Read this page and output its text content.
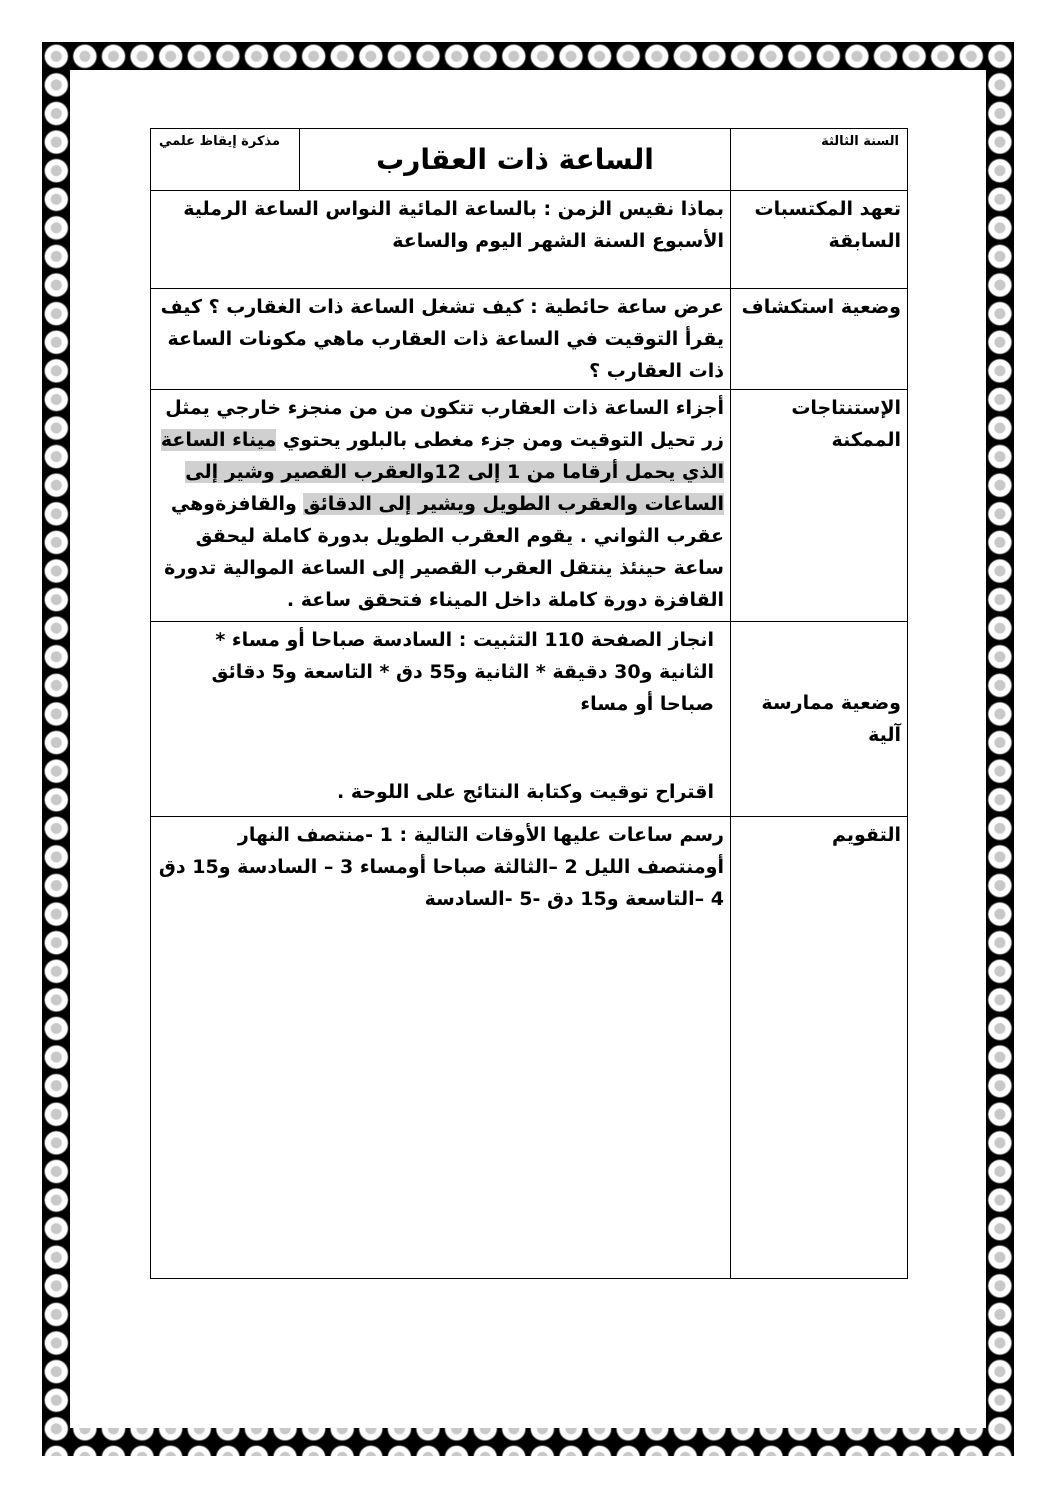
السنة الثالثة	الساعة ذات العقارب	مذكرة إيقاظ علمي
تعهد المكتسبات السابقة	بماذا نقيس الزمن : بالساعة المائية النواس الساعة الرملية الأسبوع السنة الشهر اليوم والساعة	
وضعية استكشاف	عرض ساعة حائطية : كيف تشغل الساعة ذات الغقارب ؟ كيف يقرأ التوقيت في الساعة ذات العقارب ماهي مكونات الساعة ذات العقارب ؟	
الإستنتاجات الممكنة	أجزاء الساعة ذات العقارب تتكون من من منجزء خارجي يمثل زر تحيل التوقيت ومن جزء مغطى بالبلور يحتوي ميناء الساعة الذي يحمل أرقاما من 1 إلى 12والعقرب القصير وشير إلى الساعات والعقرب الطويل ويشير إلى الدقائق والقافزةوهي عقرب الثواني . يقوم العقرب الطويل بدورة كاملة ليحقق ساعة حينئذ ينتقل العقرب القصير إلى الساعة الموالية تدورة القافزة دورة كاملة داخل الميناء فتحقق ساعة .	
وضعية ممارسة آلية	انجاز الصفحة 110 التثبيت : السادسة صباحا أو مساء * الثانية و30 دقيقة * الثانية و55 دق * التاسعة و5 دقائق صباحا أو مساء
اقتراح توقيت وكتابة النتائج على اللوحة .	

التقويم	رسم ساعات عليها الأوقات التالية : 1 -منتصف النهار أومنتصف الليل 2 –الثالثة صباحا أومساء 3 – السادسة و15 دق 4 –التاسعة و15 دق -5 -السادسة	
